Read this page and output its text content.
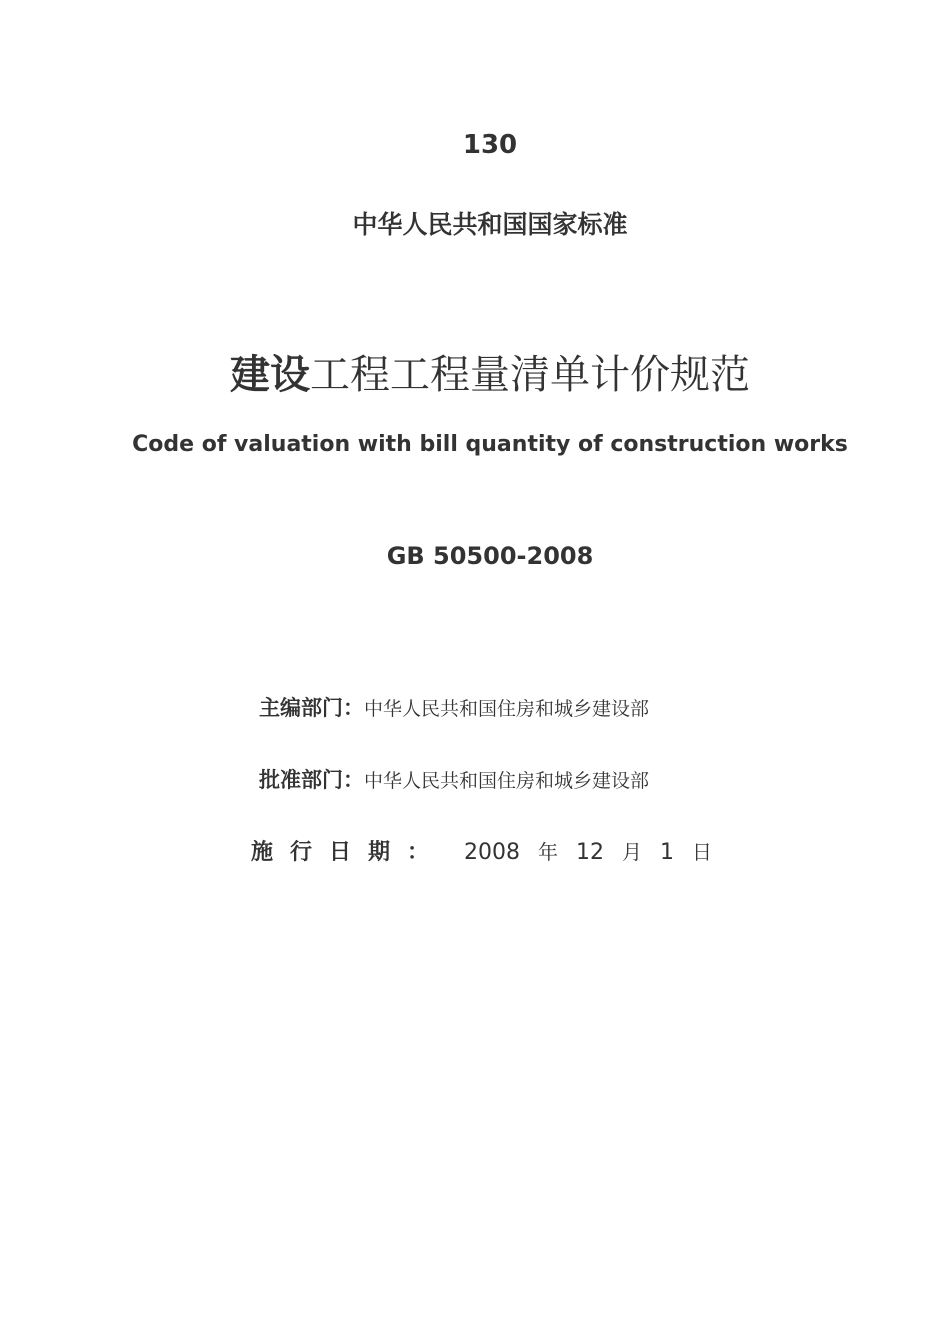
130
中华人民共和国国家标准
建设工程工程量清单计价规范
Code of valuation with bill quantity of construction works
GB 50500-2008
主编部门：中华人民共和国住房和城乡建设部
批准部门：中华人民共和国住房和城乡建设部
施行日期： 2008 年 12 月 1 日
